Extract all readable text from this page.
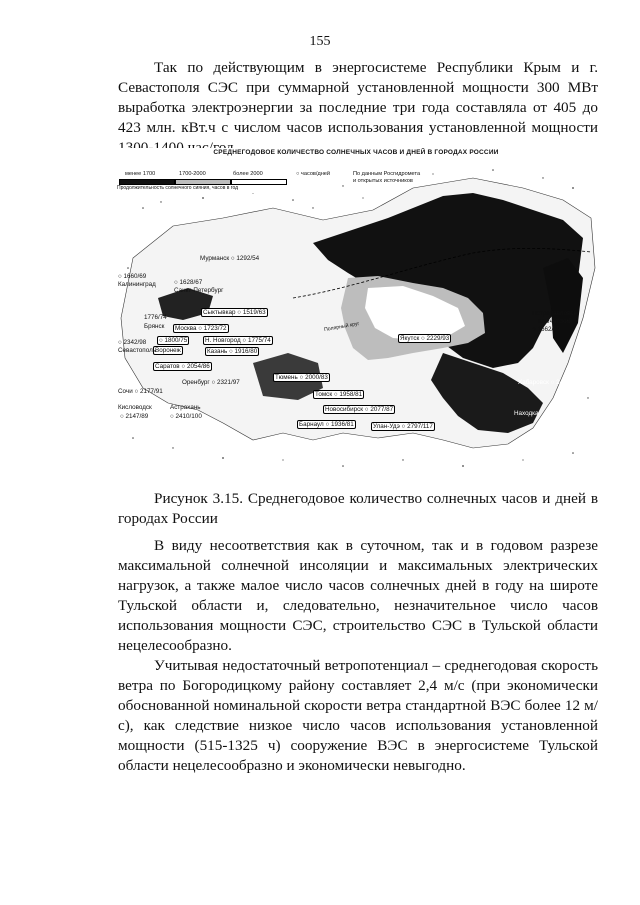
155

Так по действующим в энергосистеме Республики Крым и г. Севастополя СЭС при суммарной установленной мощности 300 МВт выработка электроэнергии за последние три года составляла от 405 до 423 млн. кВт.ч с числом часов использования установленной мощности

СРЕДНЕГОДОВОЕ КОЛИЧЕСТВО СОЛНЕЧНЫХ ЧАСОВ И ДНЕЙ В ГОРОДАХ РОССИИ
менее 1700	1700-2000	более 2000
Продолжительность солнечного сияния, часов в год
○ часов/дней	По данным Росгидромета
и открытых источников
Мурманск ○ 1292/54
○ 1660/69
Калининград	○ 1628/67
Санкт-Петербург
Сыктывкар ○ 1519/63
1776/74
Брянск	Москва ○ 1723/72
○ 1800/75	Н. Новгород ○ 1775/74
Воронеж	Казань ○ 1916/80
○ 2342/98
Севастополь
Саратов ○ 2054/86
Оренбург ○ 2321/97
Сочи ○ 2177/91
Кисловодск
○ 2147/89
Астрахань
○ 2410/100
Тюмень ○ 2000/83
Томск ○ 1958/81
Новосибирск ○ 2077/87
Барнаул ○ 1936/81	Улан-Удэ ○ 2797/117
Якутск ○ 2229/93
Петропавловск-
Камчатский
○ 1662/69
Хабаровск ○ 2449/102
Находка ○ 2368/99
Полярный круг

Рисунок 3.15. Среднегодовое количество солнечных часов и дней в городах России

В виду несоответствия как в суточном, так и в годовом разрезе максимальной солнечной инсоляции и максимальных электрических нагрузок, а также малое число часов солнечных дней в году на широте Тульской области и, следовательно, незначительное число часов использования мощности СЭС, строительство СЭС в Тульской области нецелесообразно.

Учитывая недостаточный ветропотенциал – среднегодовая скорость ветра по Богородицкому району составляет 2,4 м/с (при экономически обоснованной номинальной скорости ветра стандартной ВЭС более 12 м/с), как следствие низкое число часов использования установленной мощности (515-1325 ч) сооружение ВЭС в энергосистеме Тульской области нецелесообразно и экономически невыгодно.
